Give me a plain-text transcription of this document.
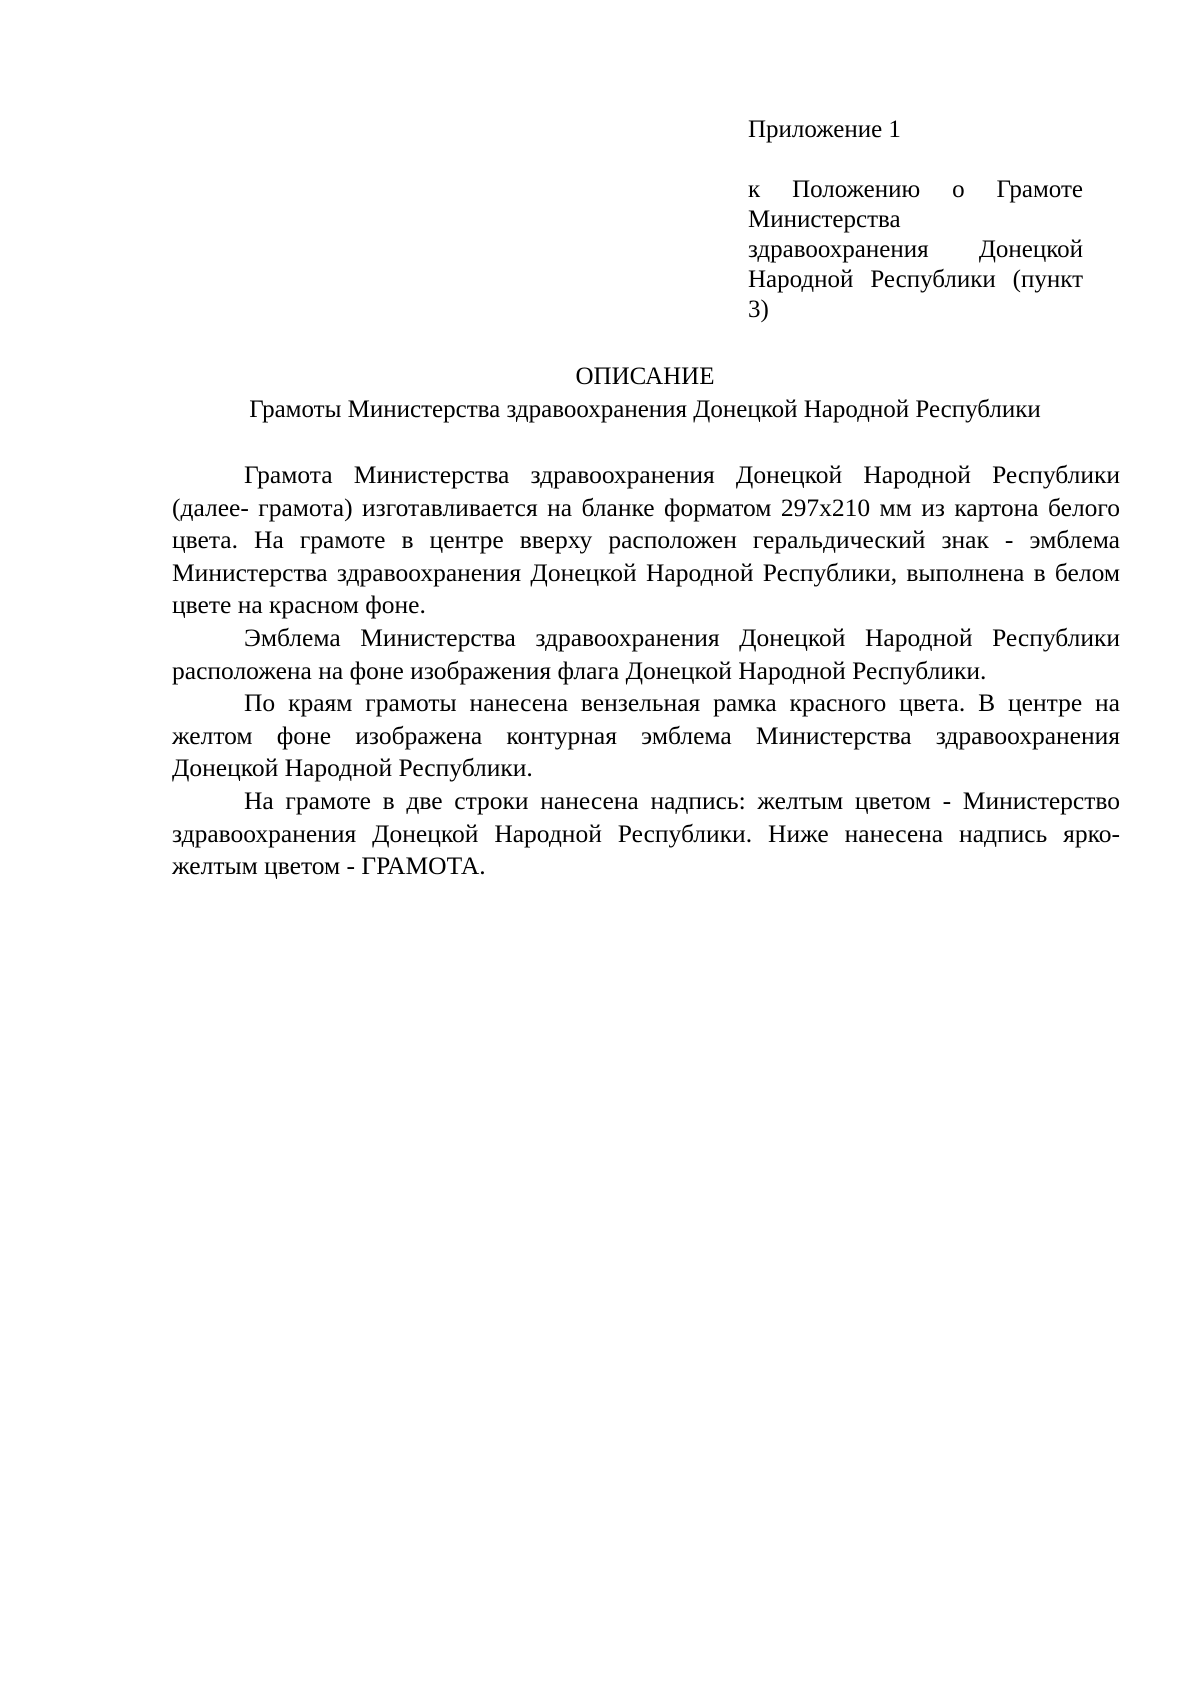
Приложение 1

к Положению о Грамоте Министерства здравоохранения Донецкой Народной Республики (пункт 3)

ОПИСАНИЕ

Грамоты Министерства здравоохранения Донецкой Народной Республики

Грамота Министерства здравоохранения Донецкой Народной Республики (далее- грамота) изготавливается на бланке форматом 297х210 мм из картона белого цвета. На грамоте в центре вверху расположен геральдический знак - эмблема Министерства здравоохранения Донецкой Народной Республики, выполнена в белом цвете на красном фоне.

Эмблема Министерства здравоохранения Донецкой Народной Республики расположена на фоне изображения флага Донецкой Народной Республики.

По краям грамоты нанесена вензельная рамка красного цвета. В центре на желтом фоне изображена контурная эмблема Министерства здравоохранения Донецкой Народной Республики.

На грамоте в две строки нанесена надпись: желтым цветом - Министерство здравоохранения Донецкой Народной Республики. Ниже нанесена надпись ярко-желтым цветом - ГРАМОТА.
